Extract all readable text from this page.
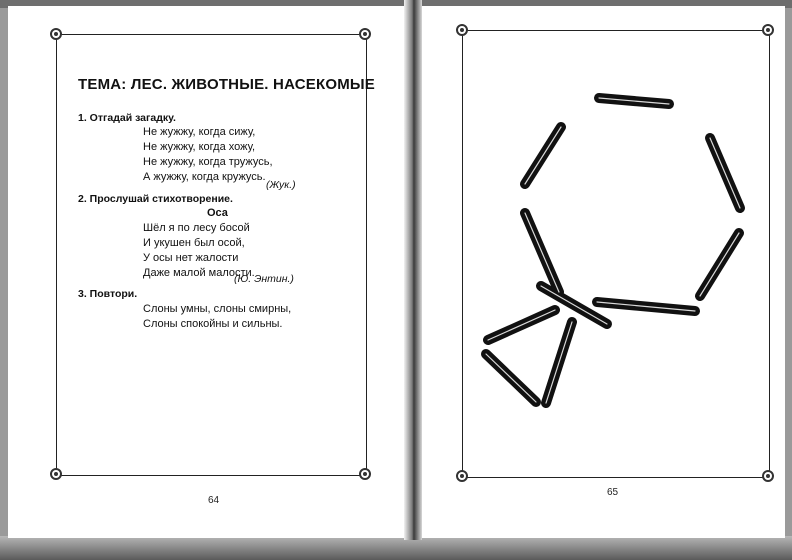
ТЕМА: ЛЕС. ЖИВОТНЫЕ. НАСЕКОМЫЕ
1. Отгадай загадку.
Не жужжу, когда сижу,
Не жужжу, когда хожу,
Не жужжу, когда тружусь,
А жужжу, когда кружусь.
(Жук.)
2. Прослушай стихотворение.
Оса
Шёл я по лесу босой
И укушен был осой,
У осы нет жалости
Даже малой малости.
(Ю. Энтин.)
3. Повтори.
Слоны умны, слоны смирны,
Слоны спокойны и сильны.
64
65
